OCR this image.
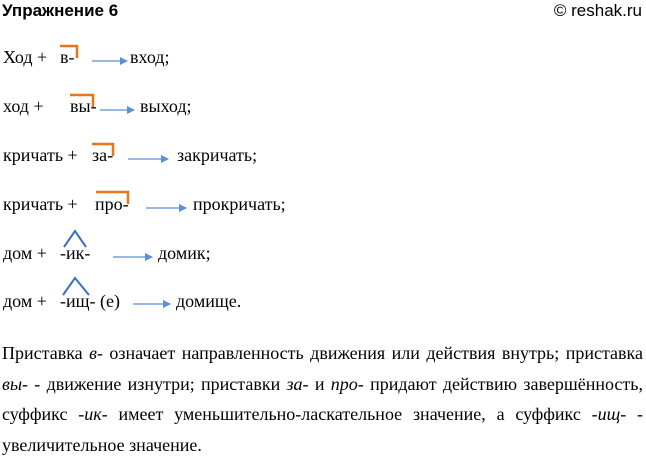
Упражнение 6	© reshak.ru
Ход + в-	вход;
ход + вы- выход;
кричать + за-	закричать;
кричать + про-	прокричать;
дом + -ик-	домик;
дом + -ищ- (е)	домище.
Приставка в- означает направленность движения или действия внутрь; приставка вы- - движение изнутри; приставки за- и про- придают действию завершённость, суффикс -ик- имеет уменьшительно-ласкательное значение, а суффикс -ищ- - увеличительное значение.
